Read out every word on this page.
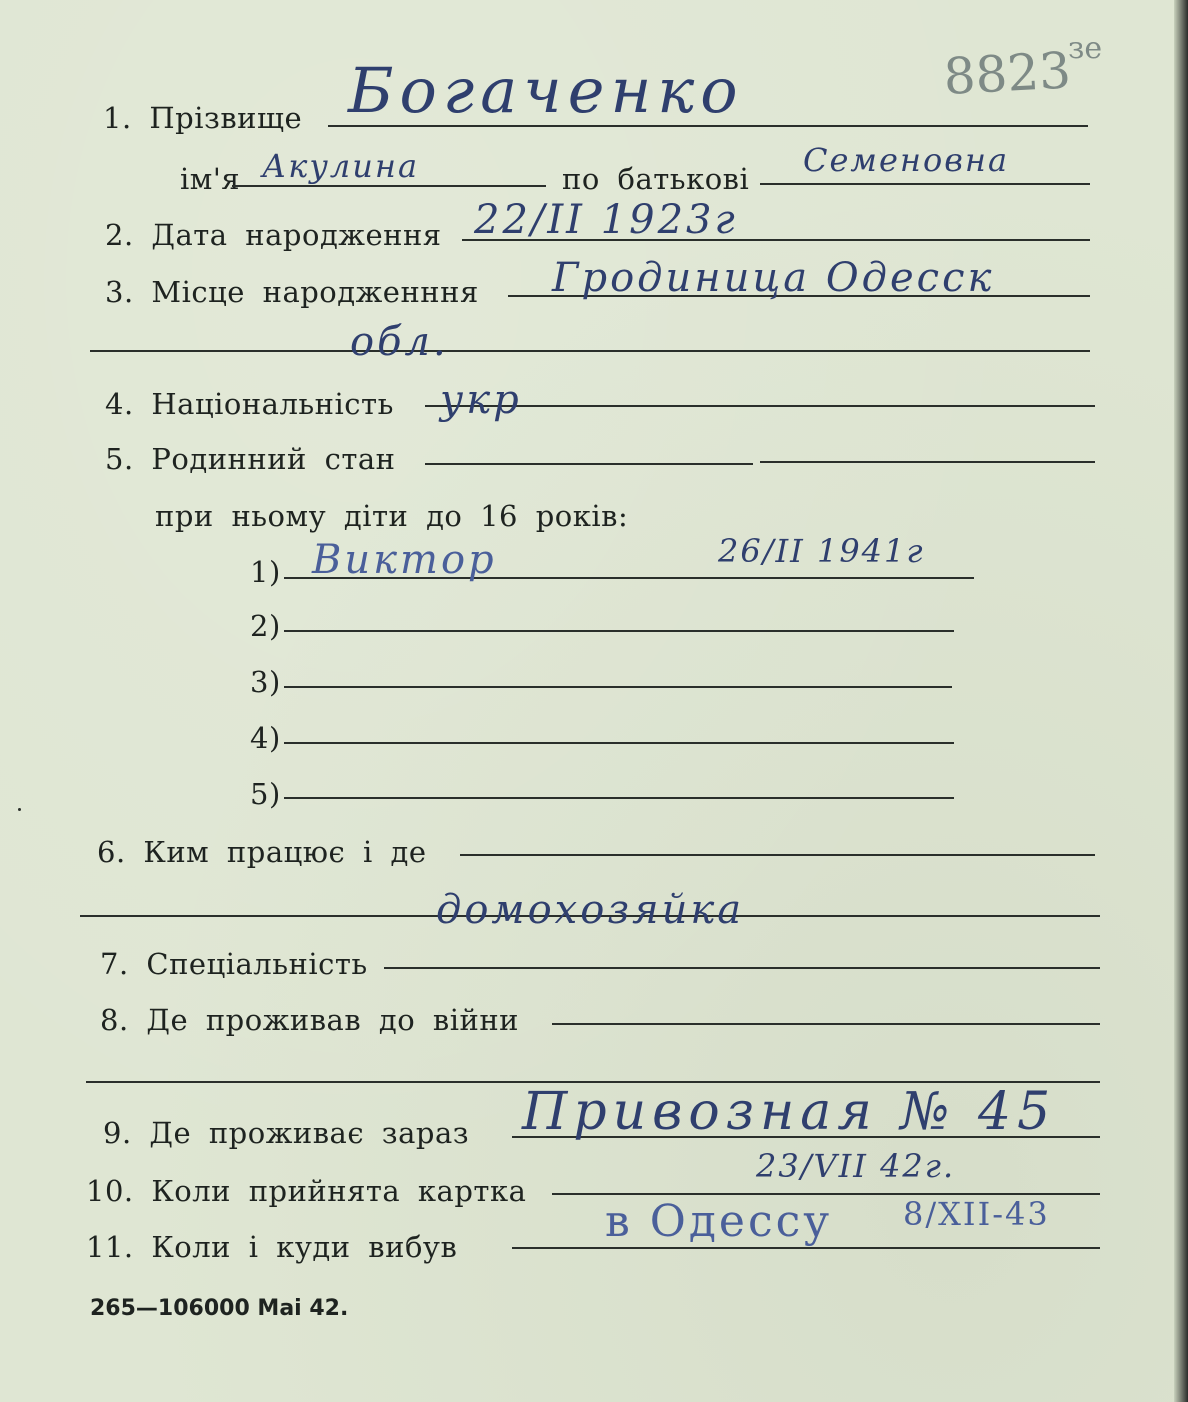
8823
зе
1. Прізвище Богаченко
ім'я Акулина	по батькові Семеновна
2. Дата народження 22/ІІ 1923г
3. Місце народженння Гродиница Одесск
обл.
4. Національність укр
5. Родинний стан
при ньому діти до 16 років:
1) Виктор	26/ІІ 1941г
2)
3)
4)
5)
6. Ким працює і де
домохозяйка
7. Спеціальність
8. Де проживав до війни
9. Де проживає зараз Привозная № 45
10. Коли прийнята картка
23/VII 42г.
11. Коли і куди вибув	в Одессу 8/XII-43
265—106000 Mai 42.
